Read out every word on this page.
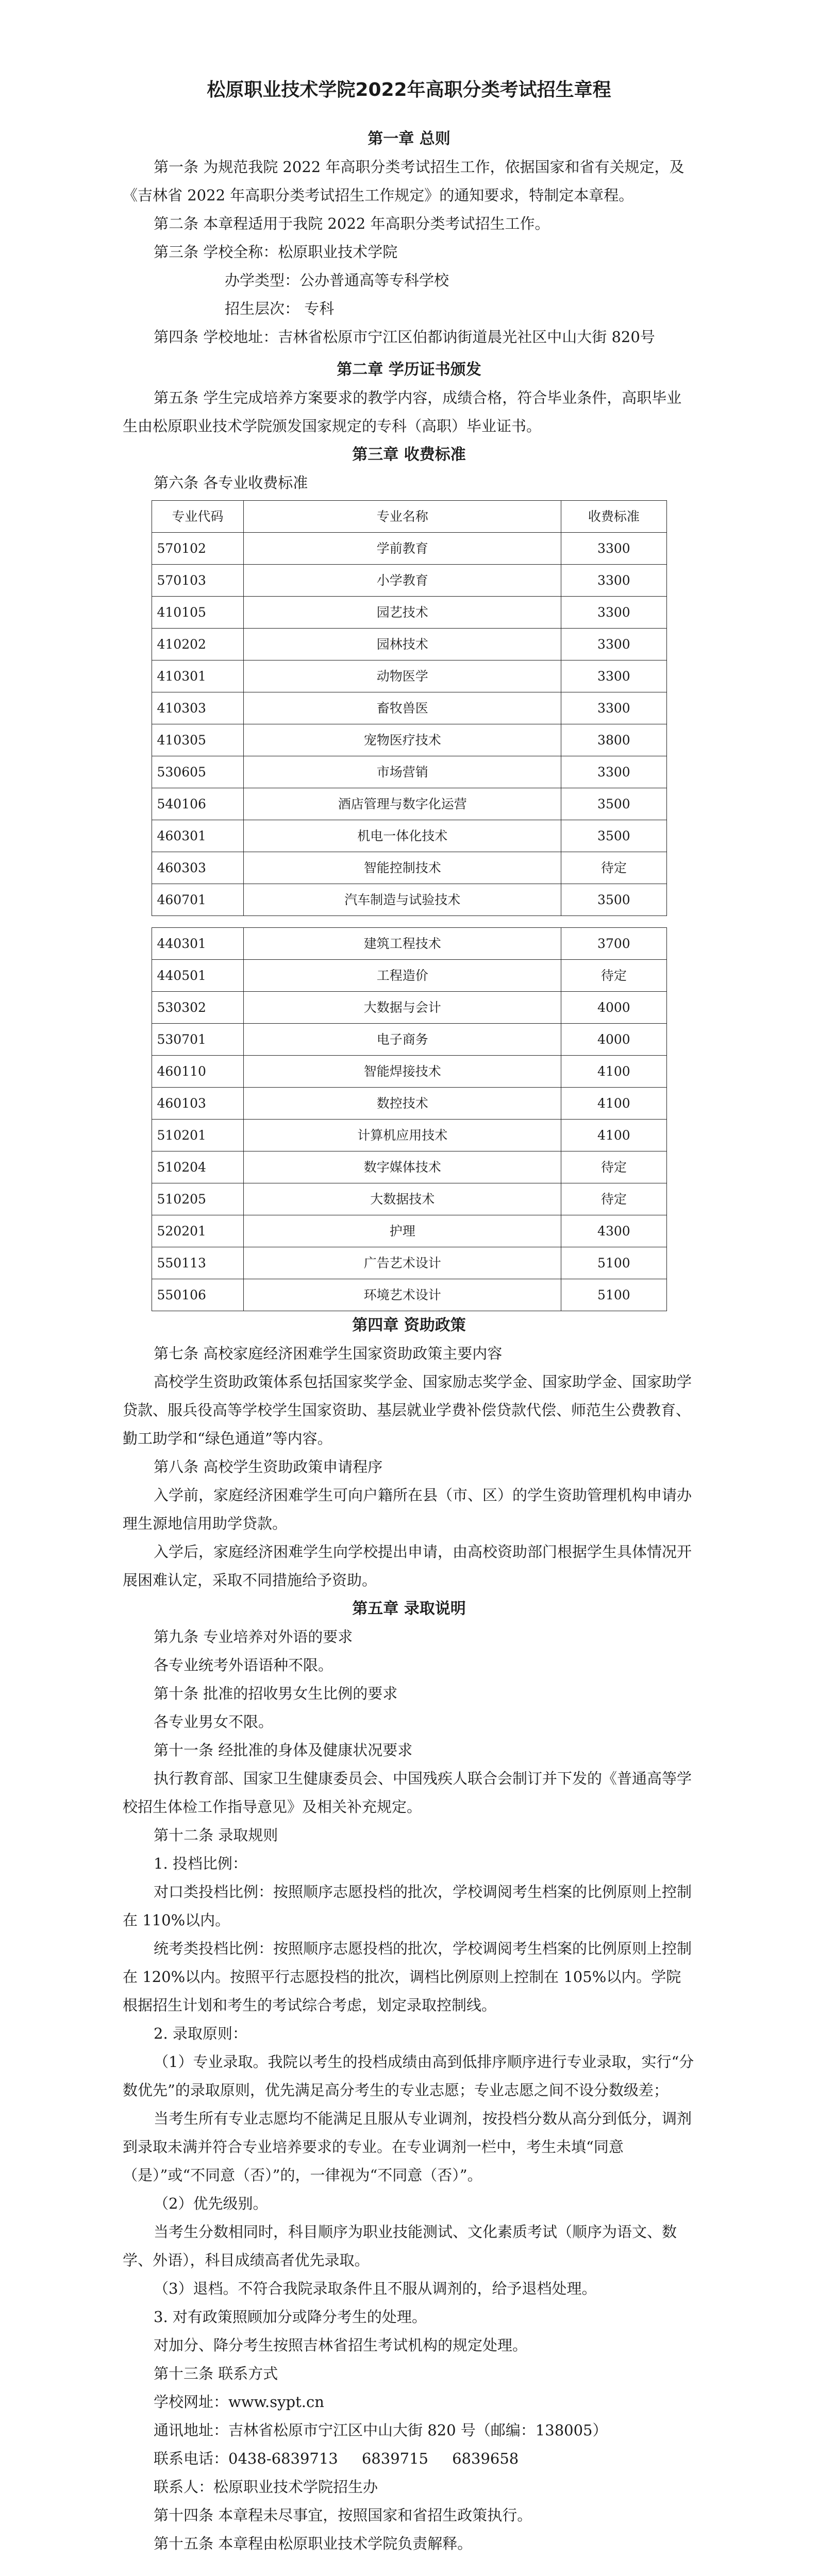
松原职业技术学院2022年高职分类考试招生章程
第一章 总则

第一条 为规范我院 2022 年高职分类考试招生工作，依据国家和省有关规定，及《吉林省 2022 年高职分类考试招生工作规定》的通知要求，特制定本章程。

第二条 本章程适用于我院 2022 年高职分类考试招生工作。

第三条 学校全称：松原职业技术学院

办学类型：公办普通高等专科学校

招生层次： 专科

第四条 学校地址：吉林省松原市宁江区伯都讷街道晨光社区中山大街 820号

第二章 学历证书颁发

第五条 学生完成培养方案要求的教学内容，成绩合格，符合毕业条件，高职毕业生由松原职业技术学院颁发国家规定的专科（高职）毕业证书。

第三章 收费标准

第六条 各专业收费标准

专业代码	专业名称	收费标准
570102	学前教育	3300
570103	小学教育	3300
410105	园艺技术	3300
410202	园林技术	3300
410301	动物医学	3300
410303	畜牧兽医	3300
410305	宠物医疗技术	3800
530605	市场营销	3300
540106	酒店管理与数字化运营	3500
460301	机电一体化技术	3500
460303	智能控制技术	待定
460701	汽车制造与试验技术	3500
440301	建筑工程技术	3700
440501	工程造价	待定
530302	大数据与会计	4000
530701	电子商务	4000
460110	智能焊接技术	4100
460103	数控技术	4100
510201	计算机应用技术	4100
510204	数字媒体技术	待定
510205	大数据技术	待定
520201	护理	4300
550113	广告艺术设计	5100
550106	环境艺术设计	5100
第四章 资助政策

第七条 高校家庭经济困难学生国家资助政策主要内容

高校学生资助政策体系包括国家奖学金、国家励志奖学金、国家助学金、国家助学贷款、服兵役高等学校学生国家资助、基层就业学费补偿贷款代偿、师范生公费教育、勤工助学和“绿色通道”等内容。

第八条 高校学生资助政策申请程序

入学前，家庭经济困难学生可向户籍所在县（市、区）的学生资助管理机构申请办理生源地信用助学贷款。

入学后，家庭经济困难学生向学校提出申请，由高校资助部门根据学生具体情况开展困难认定，采取不同措施给予资助。

第五章 录取说明

第九条 专业培养对外语的要求

各专业统考外语语种不限。

第十条 批准的招收男女生比例的要求

各专业男女不限。

第十一条 经批准的身体及健康状况要求

执行教育部、国家卫生健康委员会、中国残疾人联合会制订并下发的《普通高等学校招生体检工作指导意见》及相关补充规定。

第十二条 录取规则

1. 投档比例：

对口类投档比例：按照顺序志愿投档的批次，学校调阅考生档案的比例原则上控制在 110%以内。

统考类投档比例：按照顺序志愿投档的批次，学校调阅考生档案的比例原则上控制在 120%以内。按照平行志愿投档的批次，调档比例原则上控制在 105%以内。学院根据招生计划和考生的考试综合考虑，划定录取控制线。

2. 录取原则：

（1）专业录取。我院以考生的投档成绩由高到低排序顺序进行专业录取，实行“分数优先”的录取原则，优先满足高分考生的专业志愿；专业志愿之间不设分数级差；

当考生所有专业志愿均不能满足且服从专业调剂，按投档分数从高分到低分，调剂到录取未满并符合专业培养要求的专业。在专业调剂一栏中，考生未填“同意（是）”或“不同意（否）”的，一律视为“不同意（否）”。

（2）优先级别。

当考生分数相同时，科目顺序为职业技能测试、文化素质考试（顺序为语文、数学、外语），科目成绩高者优先录取。

（3）退档。不符合我院录取条件且不服从调剂的，给予退档处理。

3. 对有政策照顾加分或降分考生的处理。

对加分、降分考生按照吉林省招生考试机构的规定处理。

第十三条 联系方式

学校网址：www.sypt.cn

通讯地址：吉林省松原市宁江区中山大街 820 号（邮编：138005）

联系电话：0438-6839713     6839715     6839658

联系人：松原职业技术学院招生办

第十四条 本章程未尽事宜，按照国家和省招生政策执行。

第十五条 本章程由松原职业技术学院负责解释。
